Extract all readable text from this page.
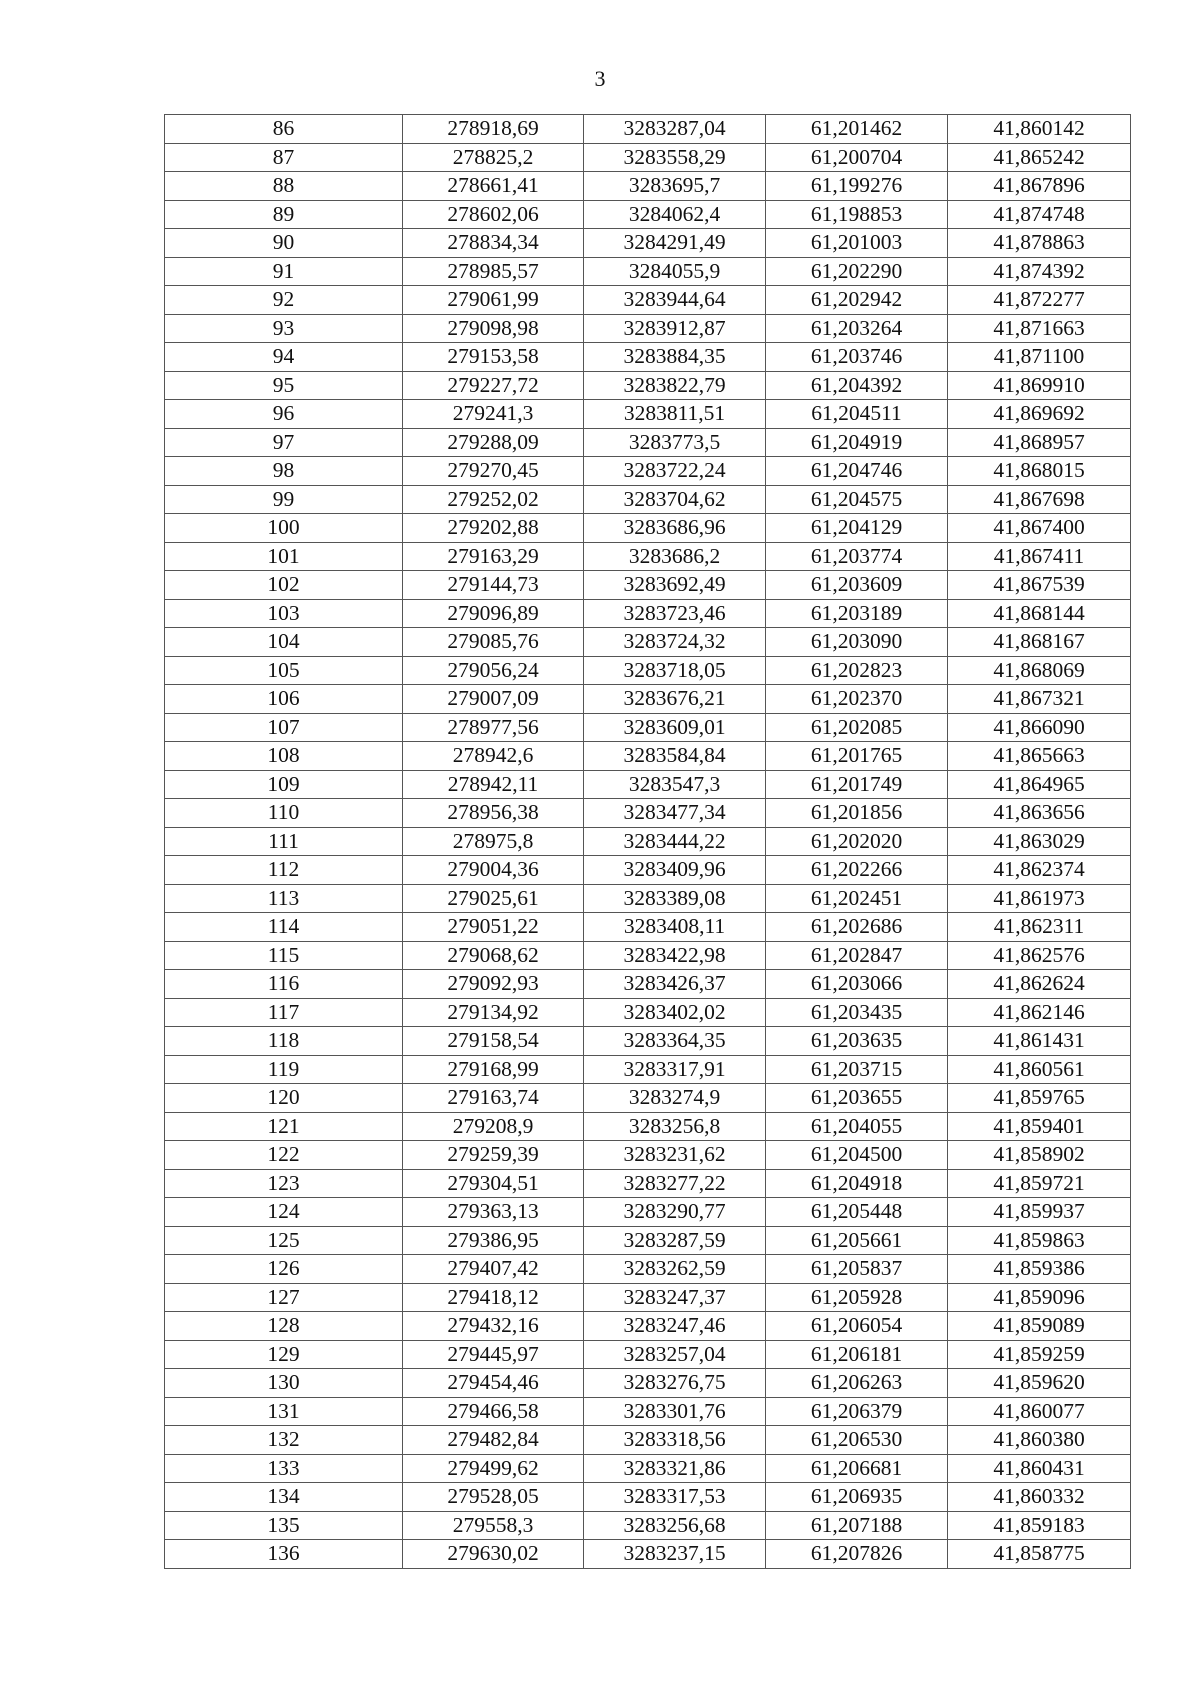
3
86	278918,69	3283287,04	61,201462	41,860142
87	278825,2	3283558,29	61,200704	41,865242
88	278661,41	3283695,7	61,199276	41,867896
89	278602,06	3284062,4	61,198853	41,874748
90	278834,34	3284291,49	61,201003	41,878863
91	278985,57	3284055,9	61,202290	41,874392
92	279061,99	3283944,64	61,202942	41,872277
93	279098,98	3283912,87	61,203264	41,871663
94	279153,58	3283884,35	61,203746	41,871100
95	279227,72	3283822,79	61,204392	41,869910
96	279241,3	3283811,51	61,204511	41,869692
97	279288,09	3283773,5	61,204919	41,868957
98	279270,45	3283722,24	61,204746	41,868015
99	279252,02	3283704,62	61,204575	41,867698
100	279202,88	3283686,96	61,204129	41,867400
101	279163,29	3283686,2	61,203774	41,867411
102	279144,73	3283692,49	61,203609	41,867539
103	279096,89	3283723,46	61,203189	41,868144
104	279085,76	3283724,32	61,203090	41,868167
105	279056,24	3283718,05	61,202823	41,868069
106	279007,09	3283676,21	61,202370	41,867321
107	278977,56	3283609,01	61,202085	41,866090
108	278942,6	3283584,84	61,201765	41,865663
109	278942,11	3283547,3	61,201749	41,864965
110	278956,38	3283477,34	61,201856	41,863656
111	278975,8	3283444,22	61,202020	41,863029
112	279004,36	3283409,96	61,202266	41,862374
113	279025,61	3283389,08	61,202451	41,861973
114	279051,22	3283408,11	61,202686	41,862311
115	279068,62	3283422,98	61,202847	41,862576
116	279092,93	3283426,37	61,203066	41,862624
117	279134,92	3283402,02	61,203435	41,862146
118	279158,54	3283364,35	61,203635	41,861431
119	279168,99	3283317,91	61,203715	41,860561
120	279163,74	3283274,9	61,203655	41,859765
121	279208,9	3283256,8	61,204055	41,859401
122	279259,39	3283231,62	61,204500	41,858902
123	279304,51	3283277,22	61,204918	41,859721
124	279363,13	3283290,77	61,205448	41,859937
125	279386,95	3283287,59	61,205661	41,859863
126	279407,42	3283262,59	61,205837	41,859386
127	279418,12	3283247,37	61,205928	41,859096
128	279432,16	3283247,46	61,206054	41,859089
129	279445,97	3283257,04	61,206181	41,859259
130	279454,46	3283276,75	61,206263	41,859620
131	279466,58	3283301,76	61,206379	41,860077
132	279482,84	3283318,56	61,206530	41,860380
133	279499,62	3283321,86	61,206681	41,860431
134	279528,05	3283317,53	61,206935	41,860332
135	279558,3	3283256,68	61,207188	41,859183
136	279630,02	3283237,15	61,207826	41,858775
